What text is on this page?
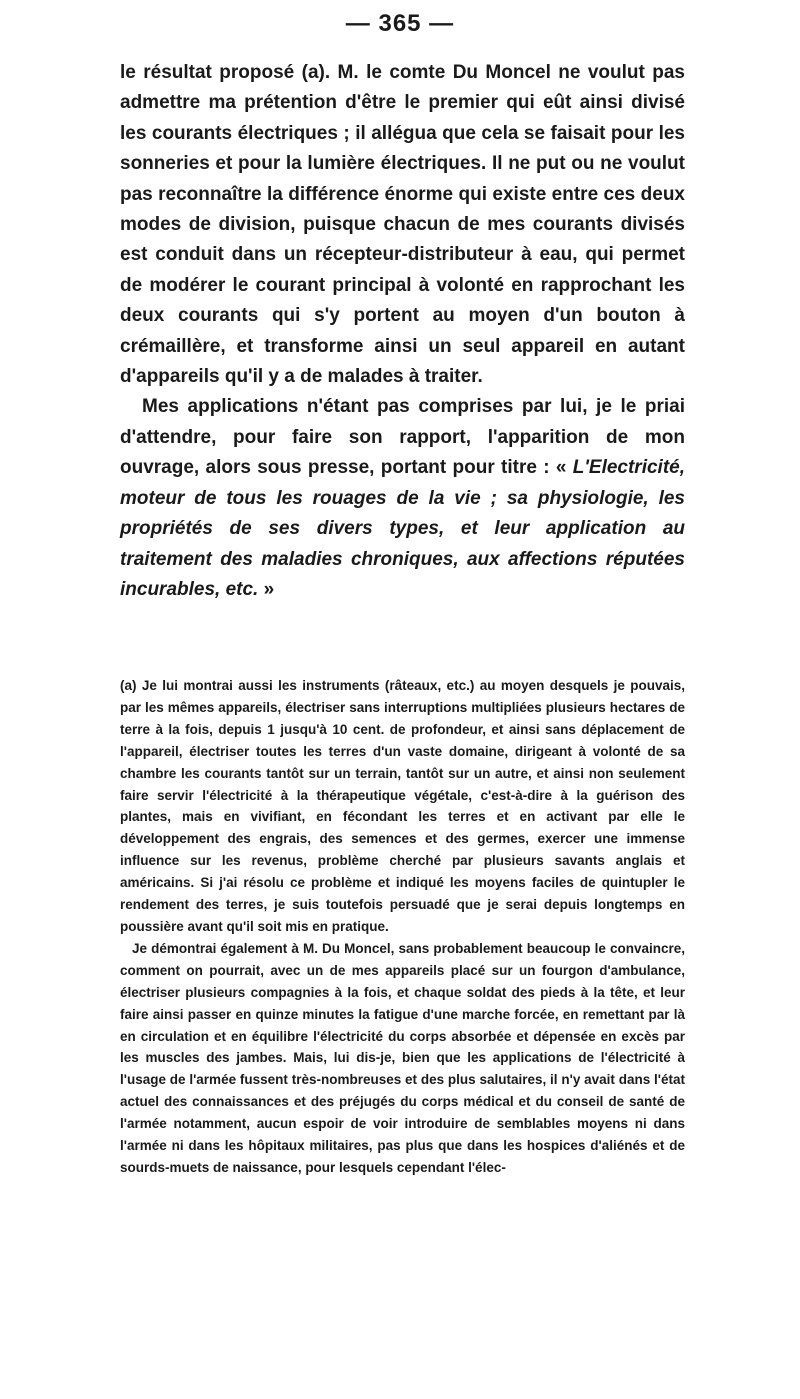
— 365 —

le résultat proposé (a). M. le comte Du Moncel ne voulut pas admettre ma prétention d'être le premier qui eût ainsi divisé les courants électriques ; il allégua que cela se faisait pour les sonneries et pour la lumière électriques. Il ne put ou ne voulut pas reconnaître la différence énorme qui existe entre ces deux modes de division, puisque chacun de mes courants divisés est conduit dans un récepteur-distributeur à eau, qui permet de modérer le courant principal à volonté en rapprochant les deux courants qui s'y portent au moyen d'un bouton à crémaillère, et transforme ainsi un seul appareil en autant d'appareils qu'il y a de malades à traiter.

Mes applications n'étant pas comprises par lui, je le priai d'attendre, pour faire son rapport, l'apparition de mon ouvrage, alors sous presse, portant pour titre : « L'Electricité, moteur de tous les rouages de la vie ; sa physiologie, les propriétés de ses divers types, et leur application au traitement des maladies chroniques, aux affections réputées incurables, etc. »

(a) Je lui montrai aussi les instruments (râteaux, etc.) au moyen desquels je pouvais, par les mêmes appareils, électriser sans interruptions multipliées plusieurs hectares de terre à la fois, depuis 1 jusqu'à 10 cent. de profondeur, et ainsi sans déplacement de l'appareil, électriser toutes les terres d'un vaste domaine, dirigeant à volonté de sa chambre les courants tantôt sur un terrain, tantôt sur un autre, et ainsi non seulement faire servir l'électricité à la thérapeutique végétale, c'est-à-dire à la guérison des plantes, mais en vivifiant, en fécondant les terres et en activant par elle le développement des engrais, des semences et des germes, exercer une immense influence sur les revenus, problème cherché par plusieurs savants anglais et américains. Si j'ai résolu ce problème et indiqué les moyens faciles de quintupler le rendement des terres, je suis toutefois persuadé que je serai depuis longtemps en poussière avant qu'il soit mis en pratique.

Je démontrai également à M. Du Moncel, sans probablement beaucoup le convaincre, comment on pourrait, avec un de mes appareils placé sur un fourgon d'ambulance, électriser plusieurs compagnies à la fois, et chaque soldat des pieds à la tête, et leur faire ainsi passer en quinze minutes la fatigue d'une marche forcée, en remettant par là en circulation et en équilibre l'électricité du corps absorbée et dépensée en excès par les muscles des jambes. Mais, lui dis-je, bien que les applications de l'électricité à l'usage de l'armée fussent très-nombreuses et des plus salutaires, il n'y avait dans l'état actuel des connaissances et des préjugés du corps médical et du conseil de santé de l'armée notamment, aucun espoir de voir introduire de semblables moyens ni dans l'armée ni dans les hôpitaux militaires, pas plus que dans les hospices d'aliénés et de sourds-muets de naissance, pour lesquels cependant l'élec-
